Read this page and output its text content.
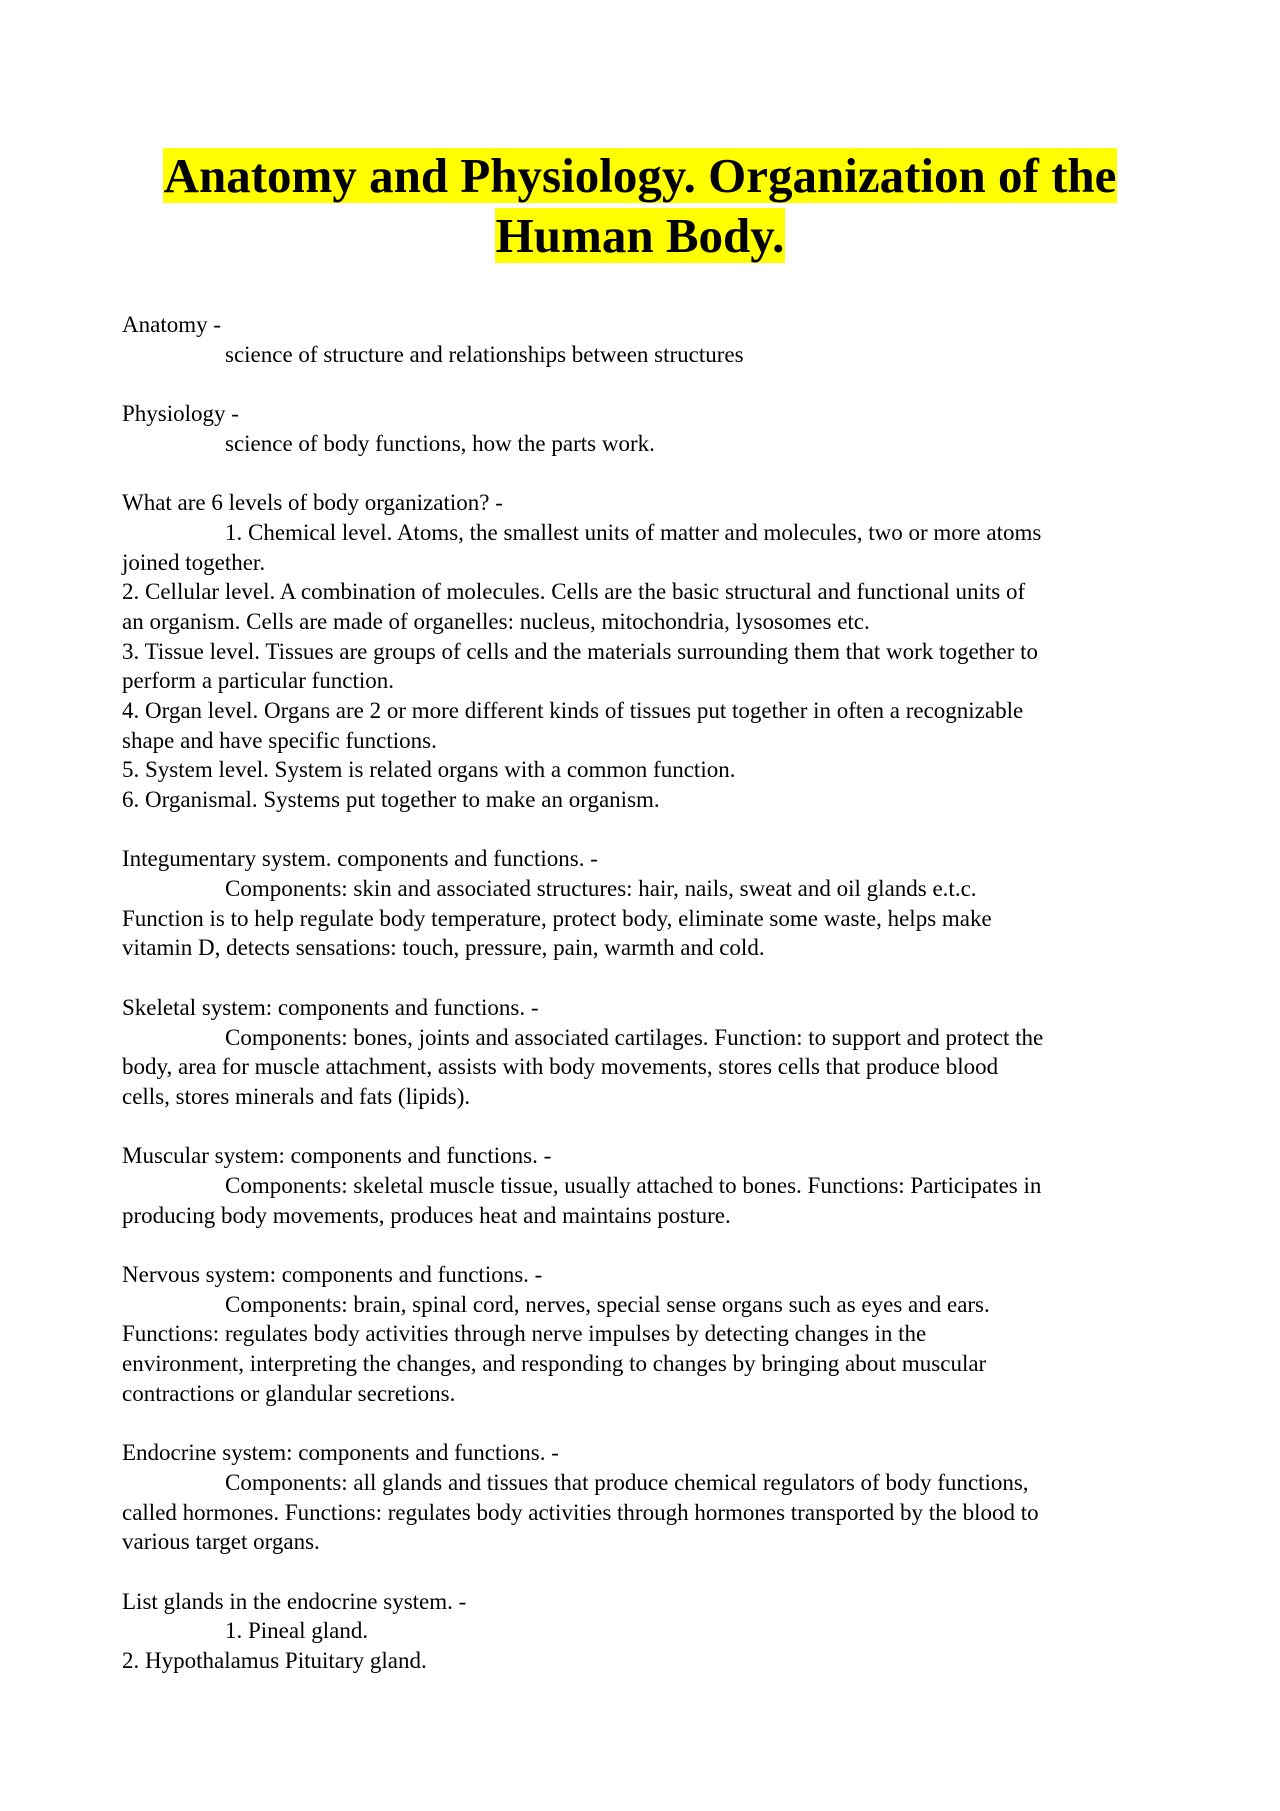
Anatomy and Physiology. Organization of the
Human Body.
Anatomy -
science of structure and relationships between structures
Physiology -
science of body functions, how the parts work.
What are 6 levels of body organization? -
1. Chemical level. Atoms, the smallest units of matter and molecules, two or more atoms
joined together.
2. Cellular level. A combination of molecules. Cells are the basic structural and functional units of
an organism. Cells are made of organelles: nucleus, mitochondria, lysosomes etc.
3. Tissue level. Tissues are groups of cells and the materials surrounding them that work together to
perform a particular function.
4. Organ level. Organs are 2 or more different kinds of tissues put together in often a recognizable
shape and have specific functions.
5. System level. System is related organs with a common function.
6. Organismal. Systems put together to make an organism.
Integumentary system. components and functions. -
Components: skin and associated structures: hair, nails, sweat and oil glands e.t.c.
Function is to help regulate body temperature, protect body, eliminate some waste, helps make
vitamin D, detects sensations: touch, pressure, pain, warmth and cold.
Skeletal system: components and functions. -
Components: bones, joints and associated cartilages. Function: to support and protect the
body, area for muscle attachment, assists with body movements, stores cells that produce blood
cells, stores minerals and fats (lipids).
Muscular system: components and functions. -
Components: skeletal muscle tissue, usually attached to bones. Functions: Participates in
producing body movements, produces heat and maintains posture.
Nervous system: components and functions. -
Components: brain, spinal cord, nerves, special sense organs such as eyes and ears.
Functions: regulates body activities through nerve impulses by detecting changes in the
environment, interpreting the changes, and responding to changes by bringing about muscular
contractions or glandular secretions.
Endocrine system: components and functions. -
Components: all glands and tissues that produce chemical regulators of body functions,
called hormones. Functions: regulates body activities through hormones transported by the blood to
various target organs.
List glands in the endocrine system. -
1. Pineal gland.
2. Hypothalamus Pituitary gland.
